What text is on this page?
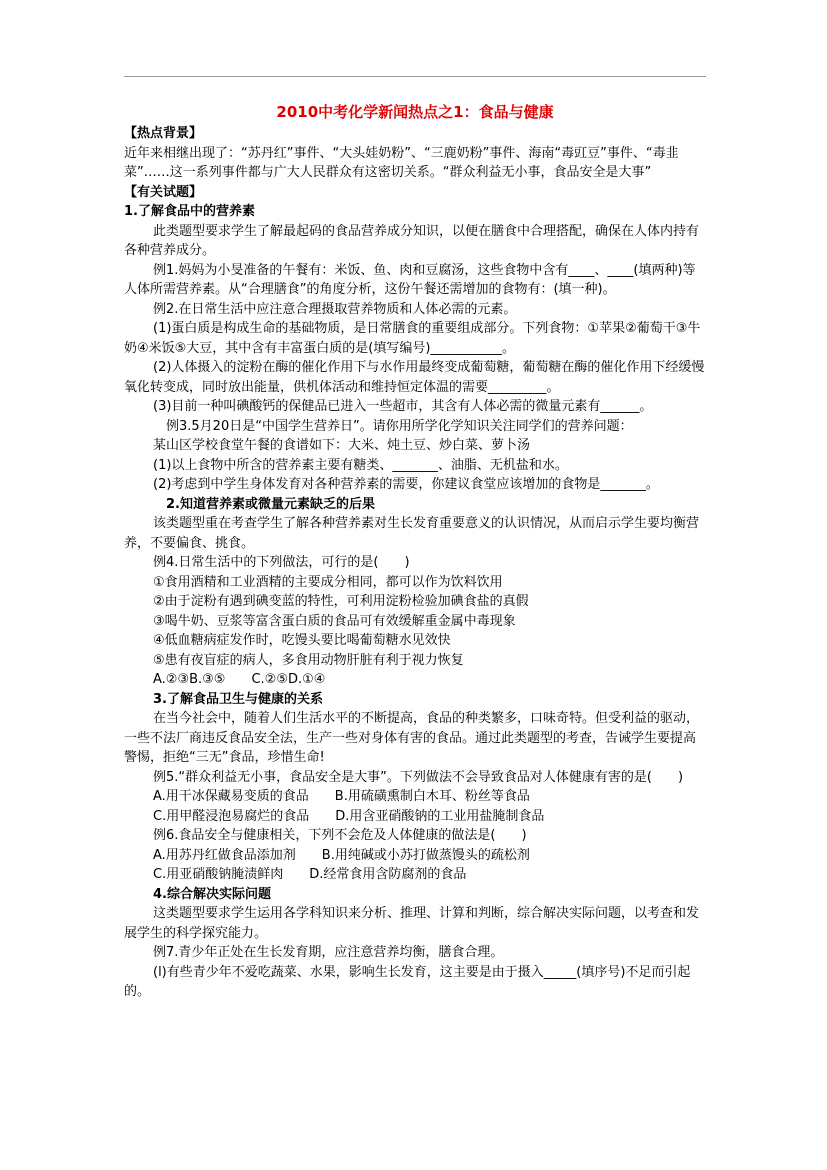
2010中考化学新闻热点之1：食品与健康

【热点背景】

近年来相继出现了：“苏丹红”事件、“大头娃奶粉”、“三鹿奶粉”事件、海南“毒豇豆”事件、“毒韭菜”……这一系列事件都与广大人民群众有这密切关系。“群众利益无小事，食品安全是大事”

【有关试题】

1.了解食品中的营养素

此类题型要求学生了解最起码的食品营养成分知识，以便在膳食中合理搭配，确保在人体内持有各种营养成分。

例1.妈妈为小旻准备的午餐有：米饭、鱼、肉和豆腐汤，这些食物中含有____、____(填两种)等人体所需营养素。从“合理膳食”的角度分析，这份午餐还需增加的食物有：(填一种)。

例2.在日常生活中应注意合理摄取营养物质和人体必需的元素。

(1)蛋白质是构成生命的基础物质，是日常膳食的重要组成部分。下列食物：①苹果②葡萄干③牛奶④米饭⑤大豆，其中含有丰富蛋白质的是(填写编号)___________。

(2)人体摄入的淀粉在酶的催化作用下与水作用最终变成葡萄糖，葡萄糖在酶的催化作用下经缓慢氧化转变成，同时放出能量，供机体活动和维持恒定体温的需要_________。

(3)目前一种叫碘酸钙的保健品已进入一些超市，其含有人体必需的微量元素有______。

例3.5月20日是“中国学生营养日”。请你用所学化学知识关注同学们的营养问题：

某山区学校食堂午餐的食谱如下：大米、炖土豆、炒白菜、萝卜汤

(1)以上食物中所含的营养素主要有糖类、_______、油脂、无机盐和水。

(2)考虑到中学生身体发育对各种营养素的需要，你建议食堂应该增加的食物是_______。

2.知道营养素或微量元素缺乏的后果

该类题型重在考查学生了解各种营养素对生长发育重要意义的认识情况，从而启示学生要均衡营养，不要偏食、挑食。

例4.日常生活中的下列做法，可行的是(　　)

①食用酒精和工业酒精的主要成分相同，都可以作为饮料饮用

②由于淀粉有遇到碘变蓝的特性，可利用淀粉检验加碘食盐的真假

③喝牛奶、豆浆等富含蛋白质的食品可有效缓解重金属中毒现象

④低血糖病症发作时，吃馒头要比喝葡萄糖水见效快

⑤患有夜盲症的病人，多食用动物肝脏有利于视力恢复

A.②③B.③⑤　　C.②⑤D.①④

3.了解食品卫生与健康的关系

在当今社会中，随着人们生活水平的不断提高，食品的种类繁多，口味奇特。但受利益的驱动，一些不法厂商违反食品安全法，生产一些对身体有害的食品。通过此类题型的考查，告诫学生要提高警惕，拒绝“三无”食品，珍惜生命!

例5.“群众利益无小事，食品安全是大事”。下列做法不会导致食品对人体健康有害的是(　　)

A.用干冰保藏易变质的食品　　B.用硫磺熏制白木耳、粉丝等食品

C.用甲醛浸泡易腐烂的食品　　D.用含亚硝酸钠的工业用盐腌制食品

例6.食品安全与健康相关，下列不会危及人体健康的做法是(　　)

A.用苏丹红做食品添加剂　　B.用纯碱或小苏打做蒸馒头的疏松剂

C.用亚硝酸钠腌渍鲜肉　　D.经常食用含防腐剂的食品

4.综合解决实际问题

这类题型要求学生运用各学科知识来分析、推理、计算和判断，综合解决实际问题，以考查和发展学生的科学探究能力。

例7.青少年正处在生长发育期，应注意营养均衡，膳食合理。

(l)有些青少年不爱吃蔬菜、水果，影响生长发育，这主要是由于摄入_____(填序号)不足而引起的。
